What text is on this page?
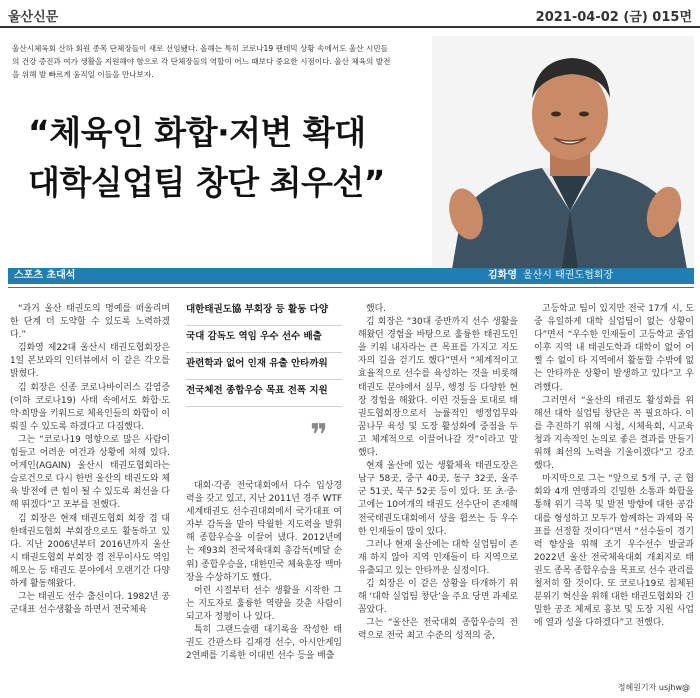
울산신문	2021-04-02 (금) 015면
울산시체육회 산하 회원 종목 단체장들이 새로 선임됐다. 올해는 특히 코로나19 팬데믹 상황 속에서도 울산 시민들의 건강 증진과 여가 생활을 지원해야 함으로 각 단체장들의 역할이 어느 때보다 중요한 시점이다. 울산 체육의 발전을 위해 발 빠르게 움직일 이들을 만나보자.
“체육인 화합·저변 확대
대학실업팀 창단 최우선”
스포츠 초대석	김화영 울산시 태권도협회장

“과거 울산 태권도의 명예를 떠올리며 한 단계 더 도약할 수 있도록 노력하겠다.”

김화영 제22대 울산시 태권도협회장은 1일 본보와의 인터뷰에서 이 같은 각오를 밝혔다.

김 회장은 신종 코로나바이러스 감염증(이하 코로나19) 사태 속에서도 화합·도약·희망을 키워드로 체육인들의 화합이 이뤄질 수 있도록 하겠다고 다짐했다.

그는 “코로나19 영향으로 많은 사람이 힘들고 어려운 여건과 상황에 처해 있다. 어게인(AGAIN) 울산시 태권도협회라는 슬로건으로 다시 한번 울산의 태권도와 체육 발전에 큰 힘이 될 수 있도록 최선을 다해 뛰겠다”고 포부를 전했다.

김 회장은 현재 태권도협회 회장 겸 대한태권도협회 부회장으로도 활동하고 있다. 지난 2006년부터 2016년까지 울산시 태권도협회 부회장 겸 전무이사도 역임해오는 등 태권도 분야에서 오랜기간 다양하게 활동해왔다.

그는 태권도 선수 출신이다. 1982년 공군대표 선수생활을 하면서 전국체육

대한태권도協 부회장 등 활동 다양
국대 감독도 역임 우수 선수 배출
관련학과 없어 인재 유출 안타까워
전국체전 종합우승 목표 전폭 지원
❞

대회·각종 전국대회에서 다수 입상경력을 갖고 있고, 지난 2011년 경주 WTF 세계태권도 선수권대회에서 국가대표 여자부 감독을 맡아 탁월한 지도력을 발휘해 종합우승을 이끌어 냈다. 2012년에는 제93회 전국체육대회 총감독(메달 순위) 종합우승을, 대한민국 체육훈장 백마장을 수상하기도 했다.

어린 시절부터 선수 생활을 시작한 그는 지도자로 훌륭한 역량을 갖춘 사람이 되고자 정평이 나 있다.

특히 그랜드슬램 대기록을 작성한 태권도 간판스타 김재경 선수, 아시안게임 2연패를 기록한 이대빈 선수 등을 배출

했다.

김 회장은 “30대 중반까지 선수 생활을 해왔던 경험을 바탕으로 훌륭한 태권도인을 키워 내자라는 큰 목표를 가지고 지도자의 길을 걷기도 했다”면서 “체계적이고 효율적으로 선수를 육성하는 것을 비롯해 태권도 분야에서 실무, 행정 등 다양한 현장 경험을 해왔다. 이런 것들을 토대로 태권도협회장으로서 능률적인 행정업무와 꿈나무 육성 및 도장 활성화에 중점을 두고 체계적으로 이끌어나갈 것”이라고 말했다.

현재 울산에 있는 생활체육 태권도장은 남구 58곳, 중구 40곳, 동구 32곳, 울주군 51곳, 북구 52곳 등이 있다. 또 초·중·고에는 10여개의 태권도 선수단이 존재해 전국태권도대회에서 상을 휩쓰는 등 우수한 인재들이 많이 있다.

그러나 현재 울산에는 대학 실업팀이 존재 하지 않아 지역 인재들이 타 지역으로 유출되고 있는 안타까운 실정이다.

김 회장은 이 같은 상황을 타개하기 위해 ‘대학 실업팀 창단’을 주요 당면 과제로 꼽았다.

그는 “울산은 전국대회 종합우승의 전력으로 전국 최고 수준의 성적의 중,

고등학교 팀이 있지만 전국 17개 시, 도 중 유일하게 대학 실업팀이 없는 상황이다”면서 “우수한 인재들이 고등학교 졸업 이후 지역 내 태권도학과 대학이 없어 어쩔 수 없이 타 지역에서 활동할 수밖에 없는 안타까운 상황이 발생하고 있다”고 우려했다.

그러면서 “울산의 태권도 활성화를 위해선 대학 실업팀 창단은 꼭 필요하다. 이를 추진하기 위해 시청, 시체육회, 시교육청과 지속적인 논의로 좋은 결과를 만들기 위해 최선의 노력을 기울이겠다”고 강조했다.

마지막으로 그는 “앞으로 5개 구, 군 협회와 4개 연맹과의 긴밀한 소통과 화합을 통해 위기 극복 및 발전 방향에 대한 공감대를 형성하고 모두가 함께하는 과제와 목표를 선정할 것이다”면서 “선수들이 경기력 향상을 위해 조기 우수선수 발굴과 2022년 울산 전국체육대회 개최지로 태권도 종목 종합우승을 목표로 선수 관리를 철저히 할 것이다. 또 코로나19로 침체된 분위기 혁신을 위해 대한 태권도협회와 긴밀한 공조 체제로 홍보 및 도장 지원 사업에 열과 성을 다하겠다”고 전했다.

정혜원기자 usjhw@
